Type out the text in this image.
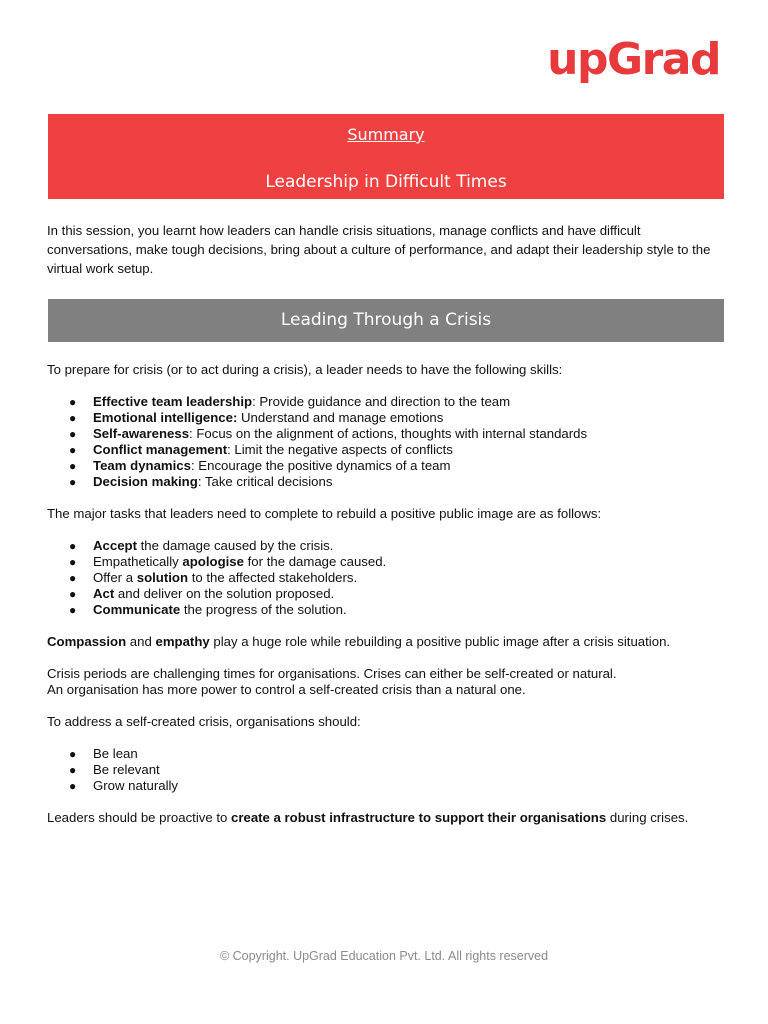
upGrad
Summary
Leadership in Difficult Times
In this session, you learnt how leaders can handle crisis situations, manage conflicts and have difficult conversations, make tough decisions, bring about a culture of performance, and adapt their leadership style to the virtual work setup.
Leading Through a Crisis

To prepare for crisis (or to act during a crisis), a leader needs to have the following skills:

● Effective team leadership: Provide guidance and direction to the team
● Emotional intelligence: Understand and manage emotions
● Self-awareness: Focus on the alignment of actions, thoughts with internal standards
● Conflict management: Limit the negative aspects of conflicts
● Team dynamics: Encourage the positive dynamics of a team
● Decision making: Take critical decisions

The major tasks that leaders need to complete to rebuild a positive public image are as follows:

● Accept the damage caused by the crisis.
● Empathetically apologise for the damage caused.
● Offer a solution to the affected stakeholders.
● Act and deliver on the solution proposed.
● Communicate the progress of the solution.

Compassion and empathy play a huge role while rebuilding a positive public image after a crisis situation.

Crisis periods are challenging times for organisations. Crises can either be self-created or natural.
An organisation has more power to control a self-created crisis than a natural one.

To address a self-created crisis, organisations should:

● Be lean
● Be relevant
● Grow naturally

Leaders should be proactive to create a robust infrastructure to support their organisations during crises.

© Copyright. UpGrad Education Pvt. Ltd. All rights reserved
